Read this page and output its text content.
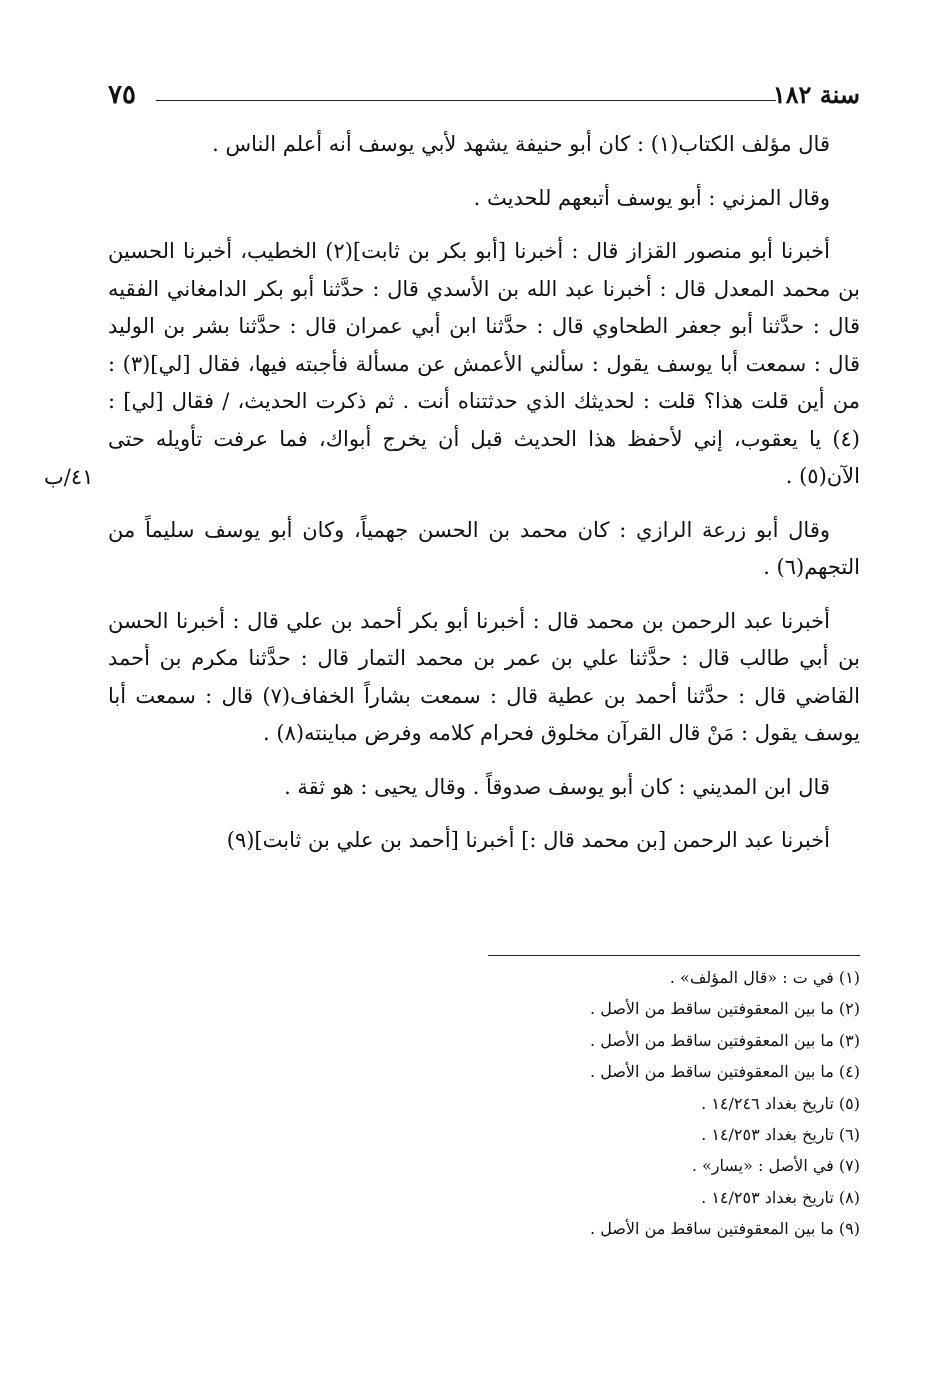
سنة ١٨٢
٧٥

قال مؤلف الكتاب(١) : كان أبو حنيفة يشهد لأبي يوسف أنه أعلم الناس .

وقال المزني : أبو يوسف أتبعهم للحديث .

أخبرنا أبو منصور القزاز قال : أخبرنا [أبو بكر بن ثابت](٢) الخطيب، أخبرنا الحسين بن محمد المعدل قال : أخبرنا عبد الله بن الأسدي قال : حدَّثنا أبو بكر الدامغاني الفقيه قال : حدَّثنا أبو جعفر الطحاوي قال : حدَّثنا ابن أبي عمران قال : حدَّثنا بشر بن الوليد قال : سمعت أبا يوسف يقول : سألني الأعمش عن مسألة فأجبته فيها، فقال [لي](٣) : من أين قلت هذا؟ قلت : لحديثك الذي حدثتناه أنت . ثم ذكرت الحديث، / فقال [لي] :(٤) يا يعقوب، إني لأحفظ هذا الحديث قبل أن يخرج أبواك، فما عرفت تأويله حتى الآن(٥) .

وقال أبو زرعة الرازي : كان محمد بن الحسن جهمياً، وكان أبو يوسف سليماً من التجهم(٦) .

أخبرنا عبد الرحمن بن محمد قال : أخبرنا أبو بكر أحمد بن علي قال : أخبرنا الحسن بن أبي طالب قال : حدَّثنا علي بن عمر بن محمد التمار قال : حدَّثنا مكرم بن أحمد القاضي قال : حدَّثنا أحمد بن عطية قال : سمعت بشاراً الخفاف(٧) قال : سمعت أبا يوسف يقول : مَنْ قال القرآن مخلوق فحرام كلامه وفرض مباينته(٨) .

قال ابن المديني : كان أبو يوسف صدوقاً . وقال يحيى : هو ثقة .

أخبرنا عبد الرحمن [بن محمد قال :] أخبرنا [أحمد بن علي بن ثابت](٩)

٤١/ب
(١) في ت : «قال المؤلف» .
(٢) ما بين المعقوفتين ساقط من الأصل .
(٣) ما بين المعقوفتين ساقط من الأصل .
(٤) ما بين المعقوفتين ساقط من الأصل .
(٥) تاريخ بغداد ١٤/٢٤٦ .
(٦) تاريخ بغداد ١٤/٢٥٣ .
(٧) في الأصل : «يسار» .
(٨) تاريخ بغداد ١٤/٢٥٣ .
(٩) ما بين المعقوفتين ساقط من الأصل .
